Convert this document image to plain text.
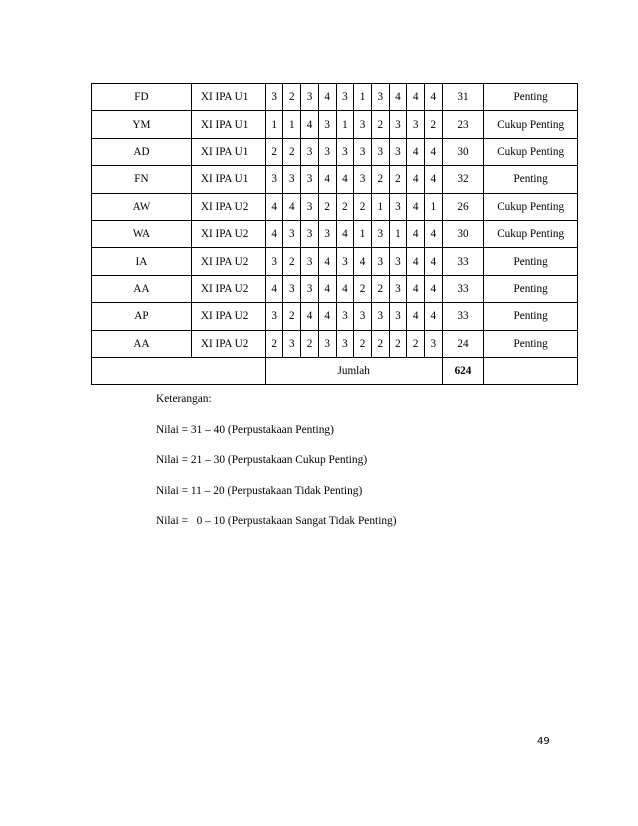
FD	XI IPA U1	3	2	3	4	3	1	3	4	4	4	31	Penting
YM	XI IPA U1	1	1	4	3	1	3	2	3	3	2	23	Cukup Penting
AD	XI IPA U1	2	2	3	3	3	3	3	3	4	4	30	Cukup Penting
FN	XI IPA U1	3	3	3	4	4	3	2	2	4	4	32	Penting
AW	XI IPA U2	4	4	3	2	2	2	1	3	4	1	26	Cukup Penting
WA	XI IPA U2	4	3	3	3	4	1	3	1	4	4	30	Cukup Penting
IA	XI IPA U2	3	2	3	4	3	4	3	3	4	4	33	Penting
AA	XI IPA U2	4	3	3	4	4	2	2	3	4	4	33	Penting
AP	XI IPA U2	3	2	4	4	3	3	3	3	4	4	33	Penting
AA	XI IPA U2	2	3	2	3	3	2	2	2	2	3	24	Penting
		Jumlah										624	

Keterangan:

Nilai = 31 – 40 (Perpustakaan Penting)

Nilai = 21 – 30 (Perpustakaan Cukup Penting)

Nilai = 11 – 20 (Perpustakaan Tidak Penting)

Nilai =   0 – 10 (Perpustakaan Sangat Tidak Penting)

49
